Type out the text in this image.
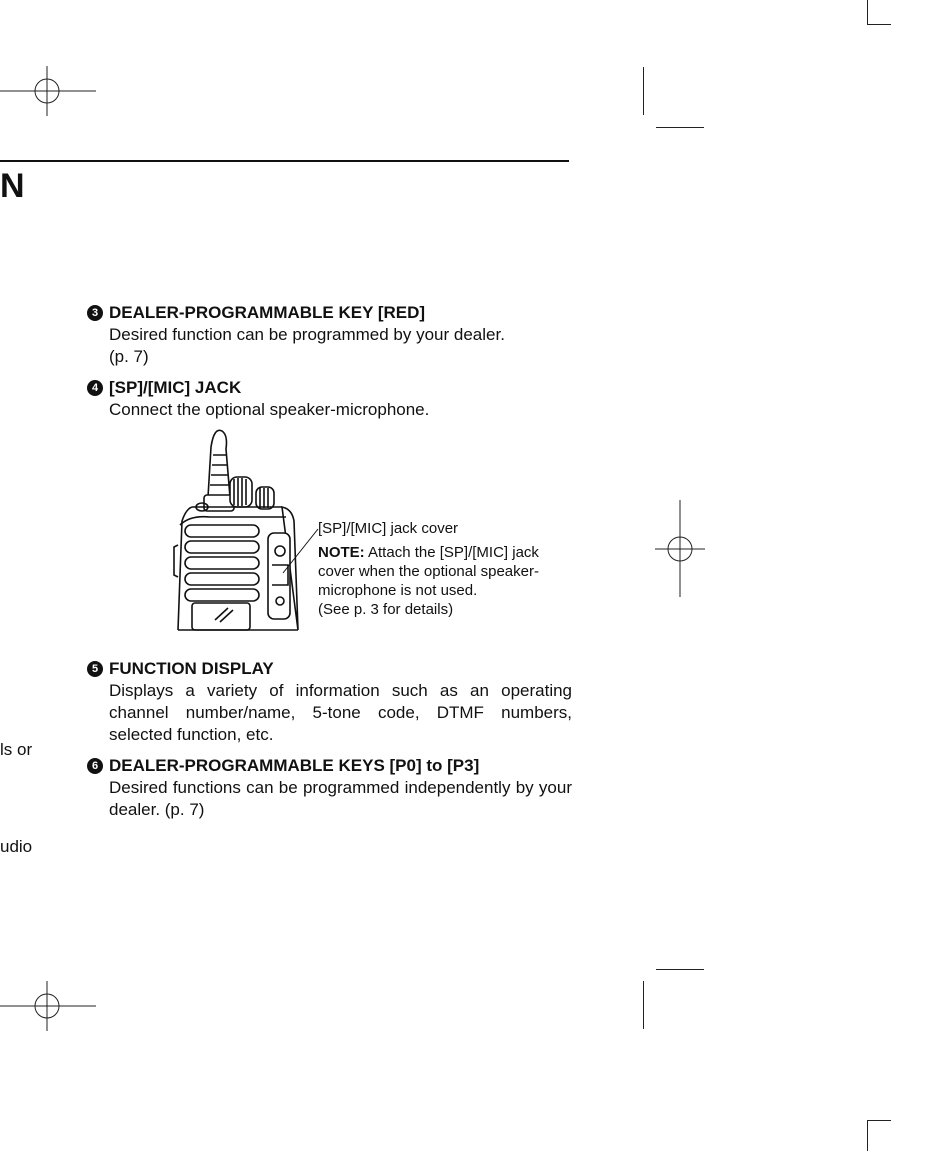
N
3 DEALER-PROGRAMMABLE KEY [RED]
Desired function can be programmed by your dealer.
(p. 7)
4 [SP]/[MIC] JACK
Connect the optional speaker-microphone.
[SP]/[MIC] jack cover
NOTE: Attach the [SP]/[MIC] jack
cover when the optional speaker-
microphone is not used.
(See p. 3 for details)
5 FUNCTION DISPLAY
Displays a variety of information such as an operating channel number/name, 5-tone code, DTMF numbers, selected function, etc.
6 DEALER-PROGRAMMABLE KEYS [P0] to [P3]
Desired functions can be programmed independently by your dealer. (p. 7)
ls or
udio
